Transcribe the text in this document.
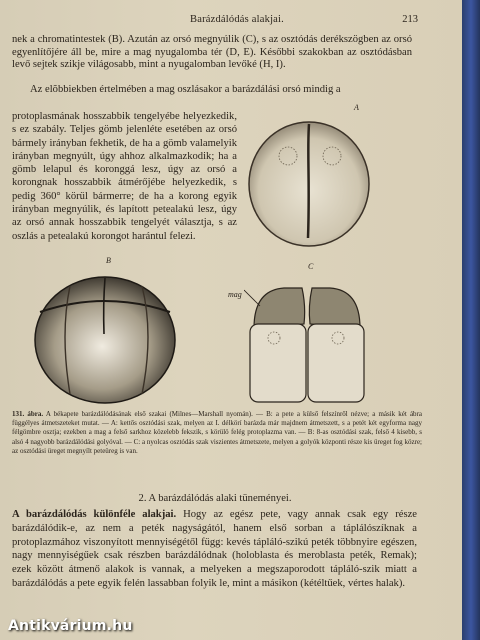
Barázdálódás alakjai.	213

nek a chromatintestek (B). Azután az orsó megnyúlik (C), s az osztódás derékszögben az orsó egyenlítőjére áll be, mire a mag nyugalomba tér (D, E). Későbbi szakokban az osztódásban levő sejtek szikje világosabb, mint a nyugalomban levőké (H, I).

Az elõbbiekben értelmében a mag oszlásakor a barázdálási orsó mindig a

protoplasmának hosszabbik tengelyébe helyezkedik, s ez szabály. Teljes gömb jelenléte esetében az orsó bármely irányban fekhetik, de ha a gömb valamelyik irányban megnyúlt, úgy ahhoz alkalmazkodik; ha a gömb lelapul és koronggá lesz, úgy az orsó a korongnak hosszabbik átmérőjébe helyezkedik, s pedig 360° körül bármerre; de ha a korong egyik irányban megnyúlik, és lapított petealakú lesz, úgy az orsó annak hosszabbik tengelyét választja, s az oszlás a petealakú korongot harántul felezi.

A
B
C
mag

131. ábra. A békapete barázdálódásának első szakai (Milnes—Marshall nyomán). — B: a pete a külső felszínről nézve; a másik két ábra függélyes átmetszeteket mutat. — A: kettős osztódási szak, melyen az I. délkörí barázda már majdnem átmetszett, s a petét két egyforma nagy félgömbre osztja; ezekben a mag a felső sarkhoz közelebb fekszik, s körülö felég protoplazma van. — B: 8-as osztódási szak, felső 4 kisebb, s alsó 4 nagyobb barázdálódási golyóval. — C: a nyolcas osztódás szak viszientes átmetszete, melyen a golyók központi része kis üreget fog közre; az osztódási üreget megnyílt peteüreg is van.

2. A barázdálódás alaki tüneményei.

A barázdálódás különféle alakjai. Hogy az egész pete, vagy annak csak egy része barázdálódik-e, az nem a peték nagyságától, hanem első sorban a táplálószíknak a protoplazmához viszonyított mennyiségétől függ: kevés tápláló-szikú peték többnyire egészen, nagy mennyiségűek csak részben barázdálódnak (holoblasta és meroblasta peték, Remak); ezek között átmenő alakok is vannak, a melyeken a megszaporodott tápláló-szik miatt a barázdálódás a pete egyik felén lassabban folyik le, mint a másikon (kétéltűek, vértes halak).

Antikvárium.hu
